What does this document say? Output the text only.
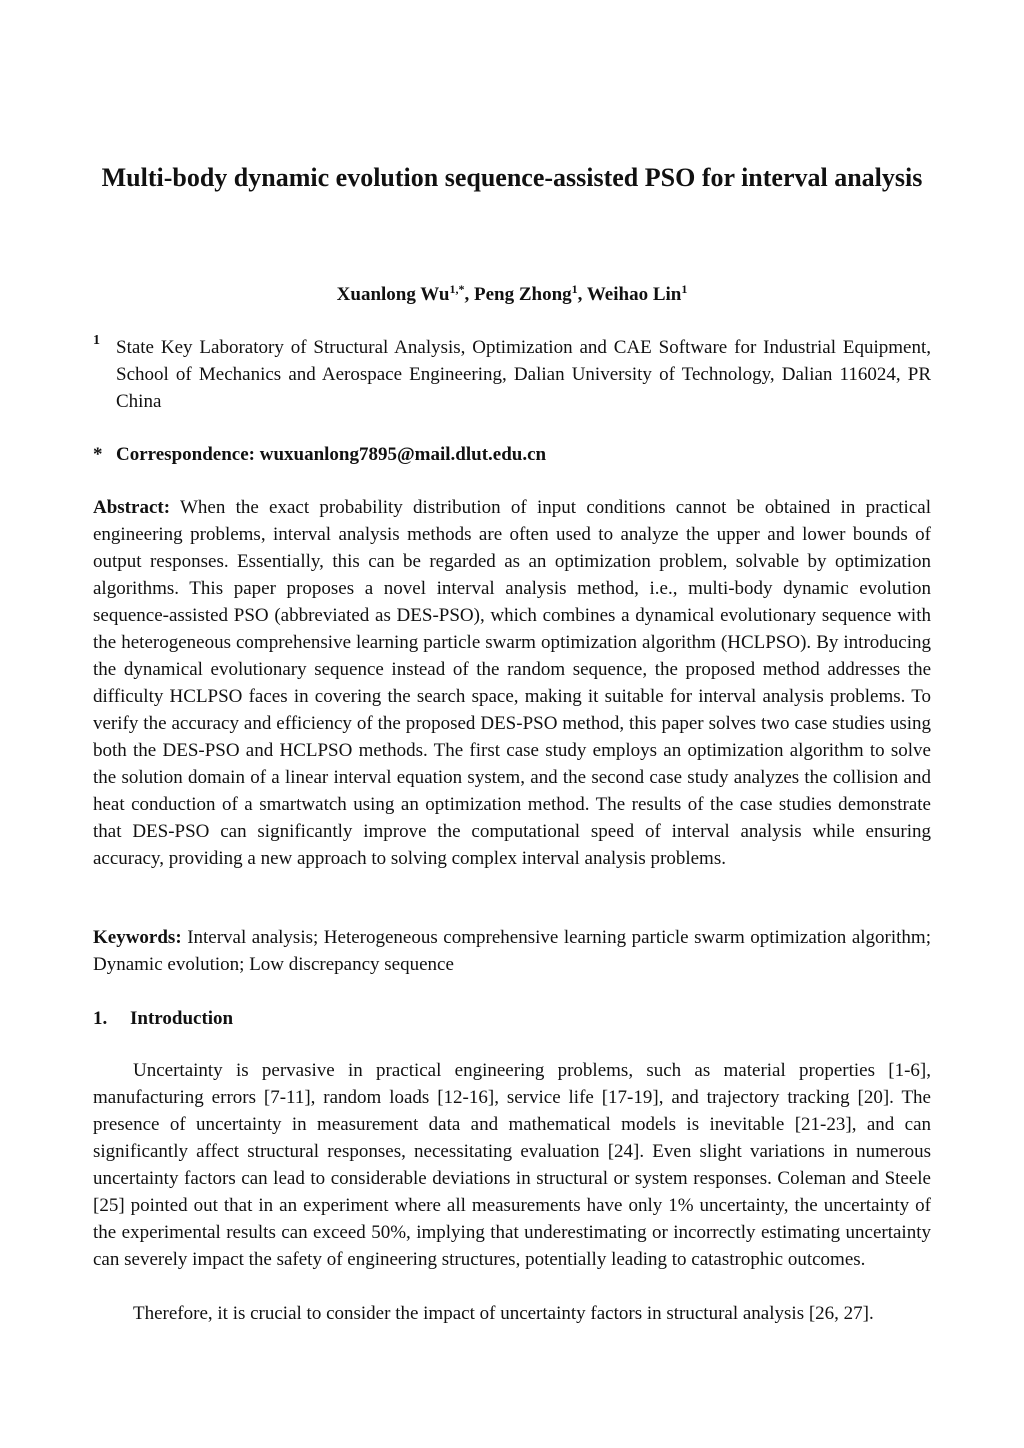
Multi-body dynamic evolution sequence-assisted PSO for interval analysis
Xuanlong $Wu^{1,*}$, Peng Zhong$^1$, Weihao Lin$^1$
1 State Key Laboratory of Structural Analysis, Optimization and CAE Software for Industrial Equipment, School of Mechanics and Aerospace Engineering, Dalian University of Technology, Dalian 116024, PR China

* Correspondence: wuxuanlong7895@mail.dlut.edu.cn

Abstract: When the exact probability distribution of input conditions cannot be obtained in practical engineering problems, interval analysis methods are often used to analyze the upper and lower bounds of output responses. Essentially, this can be regarded as an optimization problem, solvable by optimization algorithms. This paper proposes a novel interval analysis method, i.e., multi-body dynamic evolution sequence-assisted PSO (abbreviated as DES-PSO), which combines a dynamical evolutionary sequence with the heterogeneous comprehensive learning particle swarm optimization algorithm (HCLPSO). By introducing the dynamical evolutionary sequence instead of the random sequence, the proposed method addresses the difficulty HCLPSO faces in covering the search space, making it suitable for interval analysis problems. To verify the accuracy and efficiency of the proposed DES-PSO method, this paper solves two case studies using both the DES-PSO and HCLPSO methods. The first case study employs an optimization algorithm to solve the solution domain of a linear interval equation system, and the second case study analyzes the collision and heat conduction of a smartwatch using an optimization method. The results of the case studies demonstrate that DES-PSO can significantly improve the computational speed of interval analysis while ensuring accuracy, providing a new approach to solving complex interval analysis problems.

Keywords: Interval analysis; Heterogeneous comprehensive learning particle swarm optimization algorithm; Dynamic evolution; Low discrepancy sequence

1. Introduction

Uncertainty is pervasive in practical engineering problems, such as material properties [1-6], manufacturing errors [7-11], random loads [12-16], service life [17-19], and trajectory tracking [20]. The presence of uncertainty in measurement data and mathematical models is inevitable [21-23], and can significantly affect structural responses, necessitating evaluation [24]. Even slight variations in numerous uncertainty factors can lead to considerable deviations in structural or system responses. Coleman and Steele [25] pointed out that in an experiment where all measurements have only 1% uncertainty, the uncertainty of the experimental results can exceed 50%, implying that underestimating or incorrectly estimating uncertainty can severely impact the safety of engineering structures, potentially leading to catastrophic outcomes.

Therefore, it is crucial to consider the impact of uncertainty factors in structural analysis [26, 27].
